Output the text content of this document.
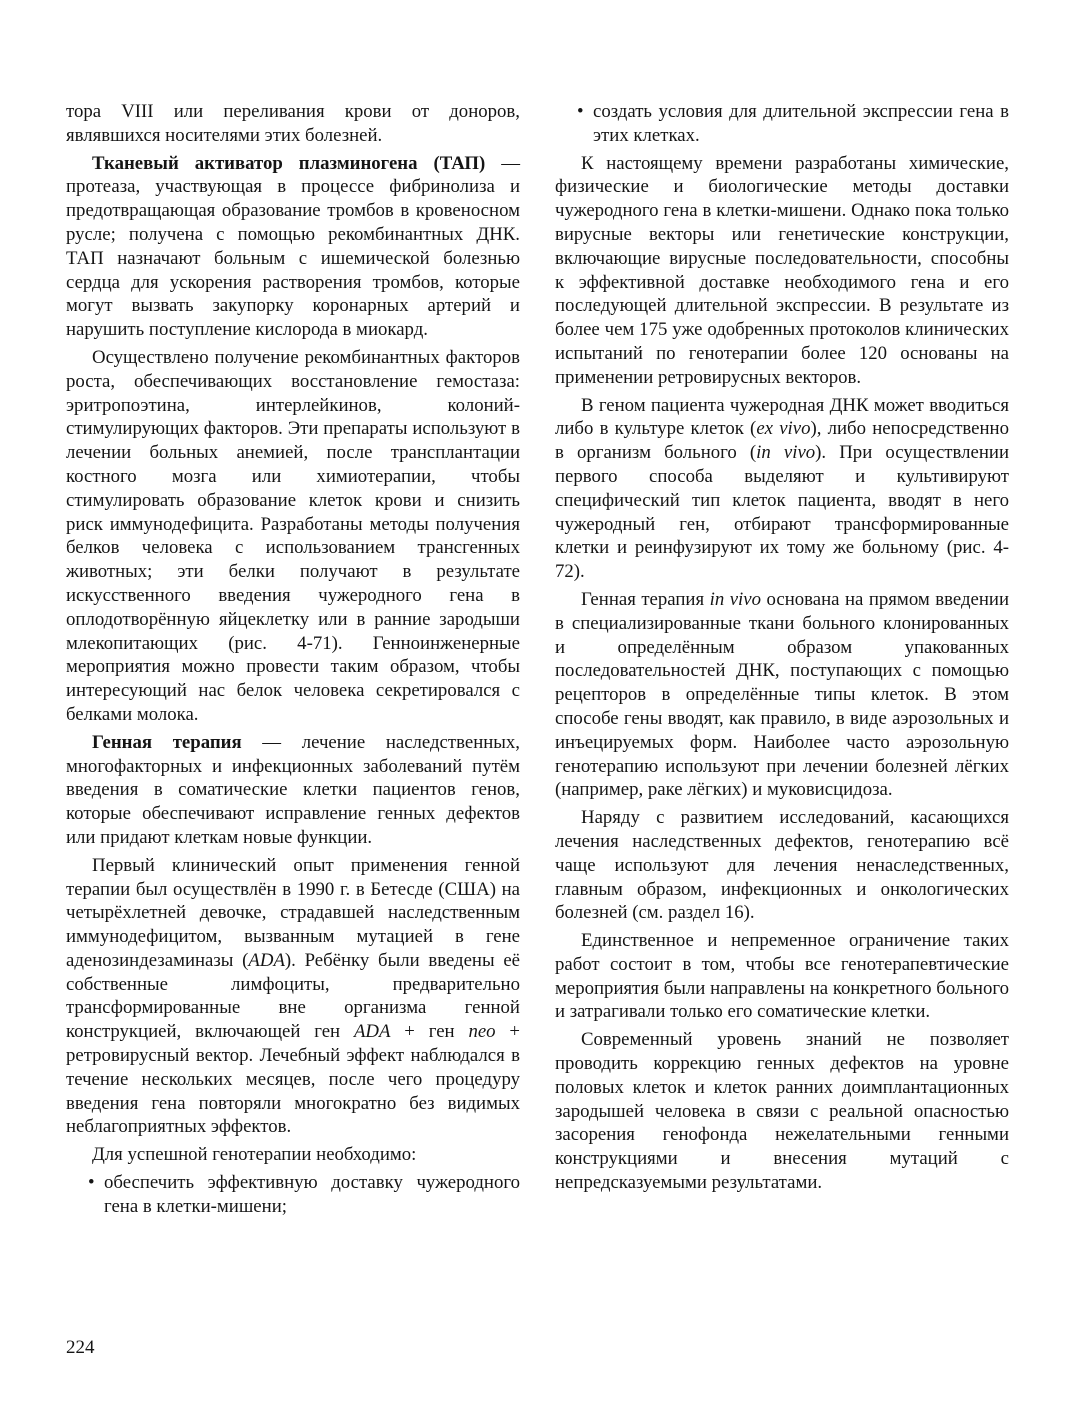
тора VIII или переливания крови от доноров, являвшихся носителями этих болезней.

Тканевый активатор плазминогена (ТАП) — протеаза, участвующая в процессе фибринолиза и предотвращающая образование тромбов в кровеносном русле; получена с помощью рекомбинантных ДНК. ТАП назначают больным с ишемической болезнью сердца для ускорения растворения тромбов, которые могут вызвать закупорку коронарных артерий и нарушить поступление кислорода в миокард.

Осуществлено получение рекомбинантных факторов роста, обеспечивающих восстановление гемостаза: эритропоэтина, интерлейкинов, колоний-стимулирующих факторов. Эти препараты используют в лечении больных анемией, после трансплантации костного мозга или химиотерапии, чтобы стимулировать образование клеток крови и снизить риск иммунодефицита. Разработаны методы получения белков человека с использованием трансгенных животных; эти белки получают в результате искусственного введения чужеродного гена в оплодотворённую яйцеклетку или в ранние зародыши млекопитающих (рис. 4-71). Генноинженерные мероприятия можно провести таким образом, чтобы интересующий нас белок человека секретировался с белками молока.

Генная терапия — лечение наследственных, многофакторных и инфекционных заболеваний путём введения в соматические клетки пациентов генов, которые обеспечивают исправление генных дефектов или придают клеткам новые функции.

Первый клинический опыт применения генной терапии был осуществлён в 1990 г. в Бетесде (США) на четырёхлетней девочке, страдавшей наследственным иммунодефицитом, вызванным мутацией в гене аденозиндезаминазы (ADA). Ребёнку были введены её собственные лимфоциты, предварительно трансформированные вне организма генной конструкцией, включающей ген ADA + ген neo + ретровирусный вектор. Лечебный эффект наблюдался в течение нескольких месяцев, после чего процедуру введения гена повторяли многократно без видимых неблагоприятных эффектов.

Для успешной генотерапии необходимо:

• обеспечить эффективную доставку чужеродного гена в клетки-мишени;
• создать условия для длительной экспрессии гена в этих клетках.

К настоящему времени разработаны химические, физические и биологические методы доставки чужеродного гена в клетки-мишени. Однако пока только вирусные векторы или генетические конструкции, включающие вирусные последовательности, способны к эффективной доставке необходимого гена и его последующей длительной экспрессии. В результате из более чем 175 уже одобренных протоколов клинических испытаний по генотерапии более 120 основаны на применении ретровирусных векторов.

В геном пациента чужеродная ДНК может вводиться либо в культуре клеток (ex vivo), либо непосредственно в организм больного (in vivo). При осуществлении первого способа выделяют и культивируют специфический тип клеток пациента, вводят в него чужеродный ген, отбирают трансформированные клетки и реинфузируют их тому же больному (рис. 4-72).

Генная терапия in vivo основана на прямом введении в специализированные ткани больного клонированных и определённым образом упакованных последовательностей ДНК, поступающих с помощью рецепторов в определённые типы клеток. В этом способе гены вводят, как правило, в виде аэрозольных и инъецируемых форм. Наиболее часто аэрозольную генотерапию используют при лечении болезней лёгких (например, раке лёгких) и муковисцидоза.

Наряду с развитием исследований, касающихся лечения наследственных дефектов, генотерапию всё чаще используют для лечения ненаследственных, главным образом, инфекционных и онкологических болезней (см. раздел 16).

Единственное и непременное ограничение таких работ состоит в том, чтобы все генотерапевтические мероприятия были направлены на конкретного больного и затрагивали только его соматические клетки.

Современный уровень знаний не позволяет проводить коррекцию генных дефектов на уровне половых клеток и клеток ранних доимплантационных зародышей человека в связи с реальной опасностью засорения генофонда нежелательными генными конструкциями и внесения мутаций с непредсказуемыми результатами.

224
